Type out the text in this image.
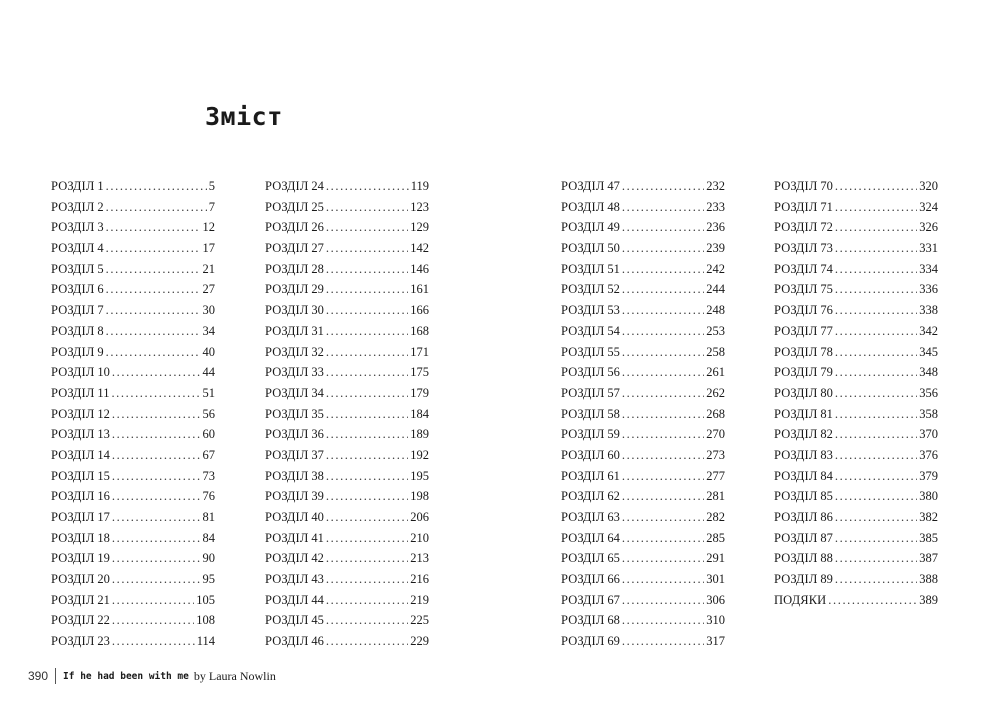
Зміст
РОЗДІЛ 1 .....	5
РОЗДІЛ 2 .....	7
РОЗДІЛ 3 .....	12
РОЗДІЛ 4 .....	17
РОЗДІЛ 5 .....	21
РОЗДІЛ 6 .....	27
РОЗДІЛ 7 .....	30
РОЗДІЛ 8 .....	34
РОЗДІЛ 9 .....	40
РОЗДІЛ 10 .....	44
РОЗДІЛ 11 .....	51
РОЗДІЛ 12 .....	56
РОЗДІЛ 13 .....	60
РОЗДІЛ 14 .....	67
РОЗДІЛ 15 .....	73
РОЗДІЛ 16 .....	76
РОЗДІЛ 17 .....	81
РОЗДІЛ 18 .....	84
РОЗДІЛ 19 .....	90
РОЗДІЛ 20 .....	95
РОЗДІЛ 21 .....	105
РОЗДІЛ 22 .....	108
РОЗДІЛ 23 .....	114
РОЗДІЛ 24 .....	119
РОЗДІЛ 25 .....	123
РОЗДІЛ 26 .....	129
РОЗДІЛ 27 .....	142
РОЗДІЛ 28 .....	146
РОЗДІЛ 29 .....	161
РОЗДІЛ 30 .....	166
РОЗДІЛ 31 .....	168
РОЗДІЛ 32 .....	171
РОЗДІЛ 33 .....	175
РОЗДІЛ 34 .....	179
РОЗДІЛ 35 .....	184
РОЗДІЛ 36 .....	189
РОЗДІЛ 37 .....	192
РОЗДІЛ 38 .....	195
РОЗДІЛ 39 .....	198
РОЗДІЛ 40 .....	206
РОЗДІЛ 41 .....	210
РОЗДІЛ 42 .....	213
РОЗДІЛ 43 .....	216
РОЗДІЛ 44 .....	219
РОЗДІЛ 45 .....	225
РОЗДІЛ 46 .....	229
РОЗДІЛ 47 .....	232
РОЗДІЛ 48 .....	233
РОЗДІЛ 49 .....	236
РОЗДІЛ 50 .....	239
РОЗДІЛ 51 .....	242
РОЗДІЛ 52 .....	244
РОЗДІЛ 53 .....	248
РОЗДІЛ 54 .....	253
РОЗДІЛ 55 .....	258
РОЗДІЛ 56 .....	261
РОЗДІЛ 57 .....	262
РОЗДІЛ 58 .....	268
РОЗДІЛ 59 .....	270
РОЗДІЛ 60 .....	273
РОЗДІЛ 61 .....	277
РОЗДІЛ 62 .....	281
РОЗДІЛ 63 .....	282
РОЗДІЛ 64 .....	285
РОЗДІЛ 65 .....	291
РОЗДІЛ 66 .....	301
РОЗДІЛ 67 .....	306
РОЗДІЛ 68 .....	310
РОЗДІЛ 69 .....	317
РОЗДІЛ 70 .....	320
РОЗДІЛ 71 .....	324
РОЗДІЛ 72 .....	326
РОЗДІЛ 73 .....	331
РОЗДІЛ 74 .....	334
РОЗДІЛ 75 .....	336
РОЗДІЛ 76 .....	338
РОЗДІЛ 77 .....	342
РОЗДІЛ 78 .....	345
РОЗДІЛ 79 .....	348
РОЗДІЛ 80 .....	356
РОЗДІЛ 81 .....	358
РОЗДІЛ 82 .....	370
РОЗДІЛ 83 .....	376
РОЗДІЛ 84 .....	379
РОЗДІЛ 85 .....	380
РОЗДІЛ 86 .....	382
РОЗДІЛ 87 .....	385
РОЗДІЛ 88 .....	387
РОЗДІЛ 89 .....	388
ПОДЯКИ .....	389
390 If he had been with me by Laura Nowlin
